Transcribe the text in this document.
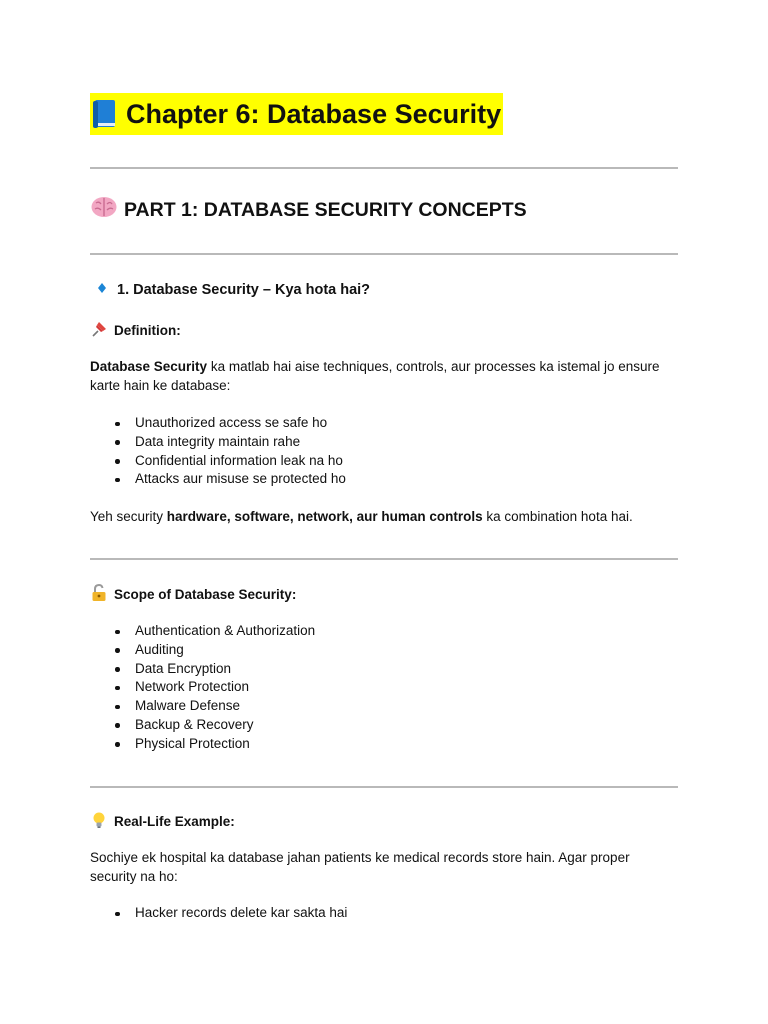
Chapter 6: Database Security
PART 1: DATABASE SECURITY CONCEPTS
1. Database Security – Kya hota hai?
Definition:
Database Security ka matlab hai aise techniques, controls, aur processes ka istemal jo ensure karte hain ke database:
Unauthorized access se safe ho
Data integrity maintain rahe
Confidential information leak na ho
Attacks aur misuse se protected ho
Yeh security hardware, software, network, aur human controls ka combination hota hai.
Scope of Database Security:
Authentication & Authorization
Auditing
Data Encryption
Network Protection
Malware Defense
Backup & Recovery
Physical Protection
Real-Life Example:
Sochiye ek hospital ka database jahan patients ke medical records store hain. Agar proper security na ho:
Hacker records delete kar sakta hai
